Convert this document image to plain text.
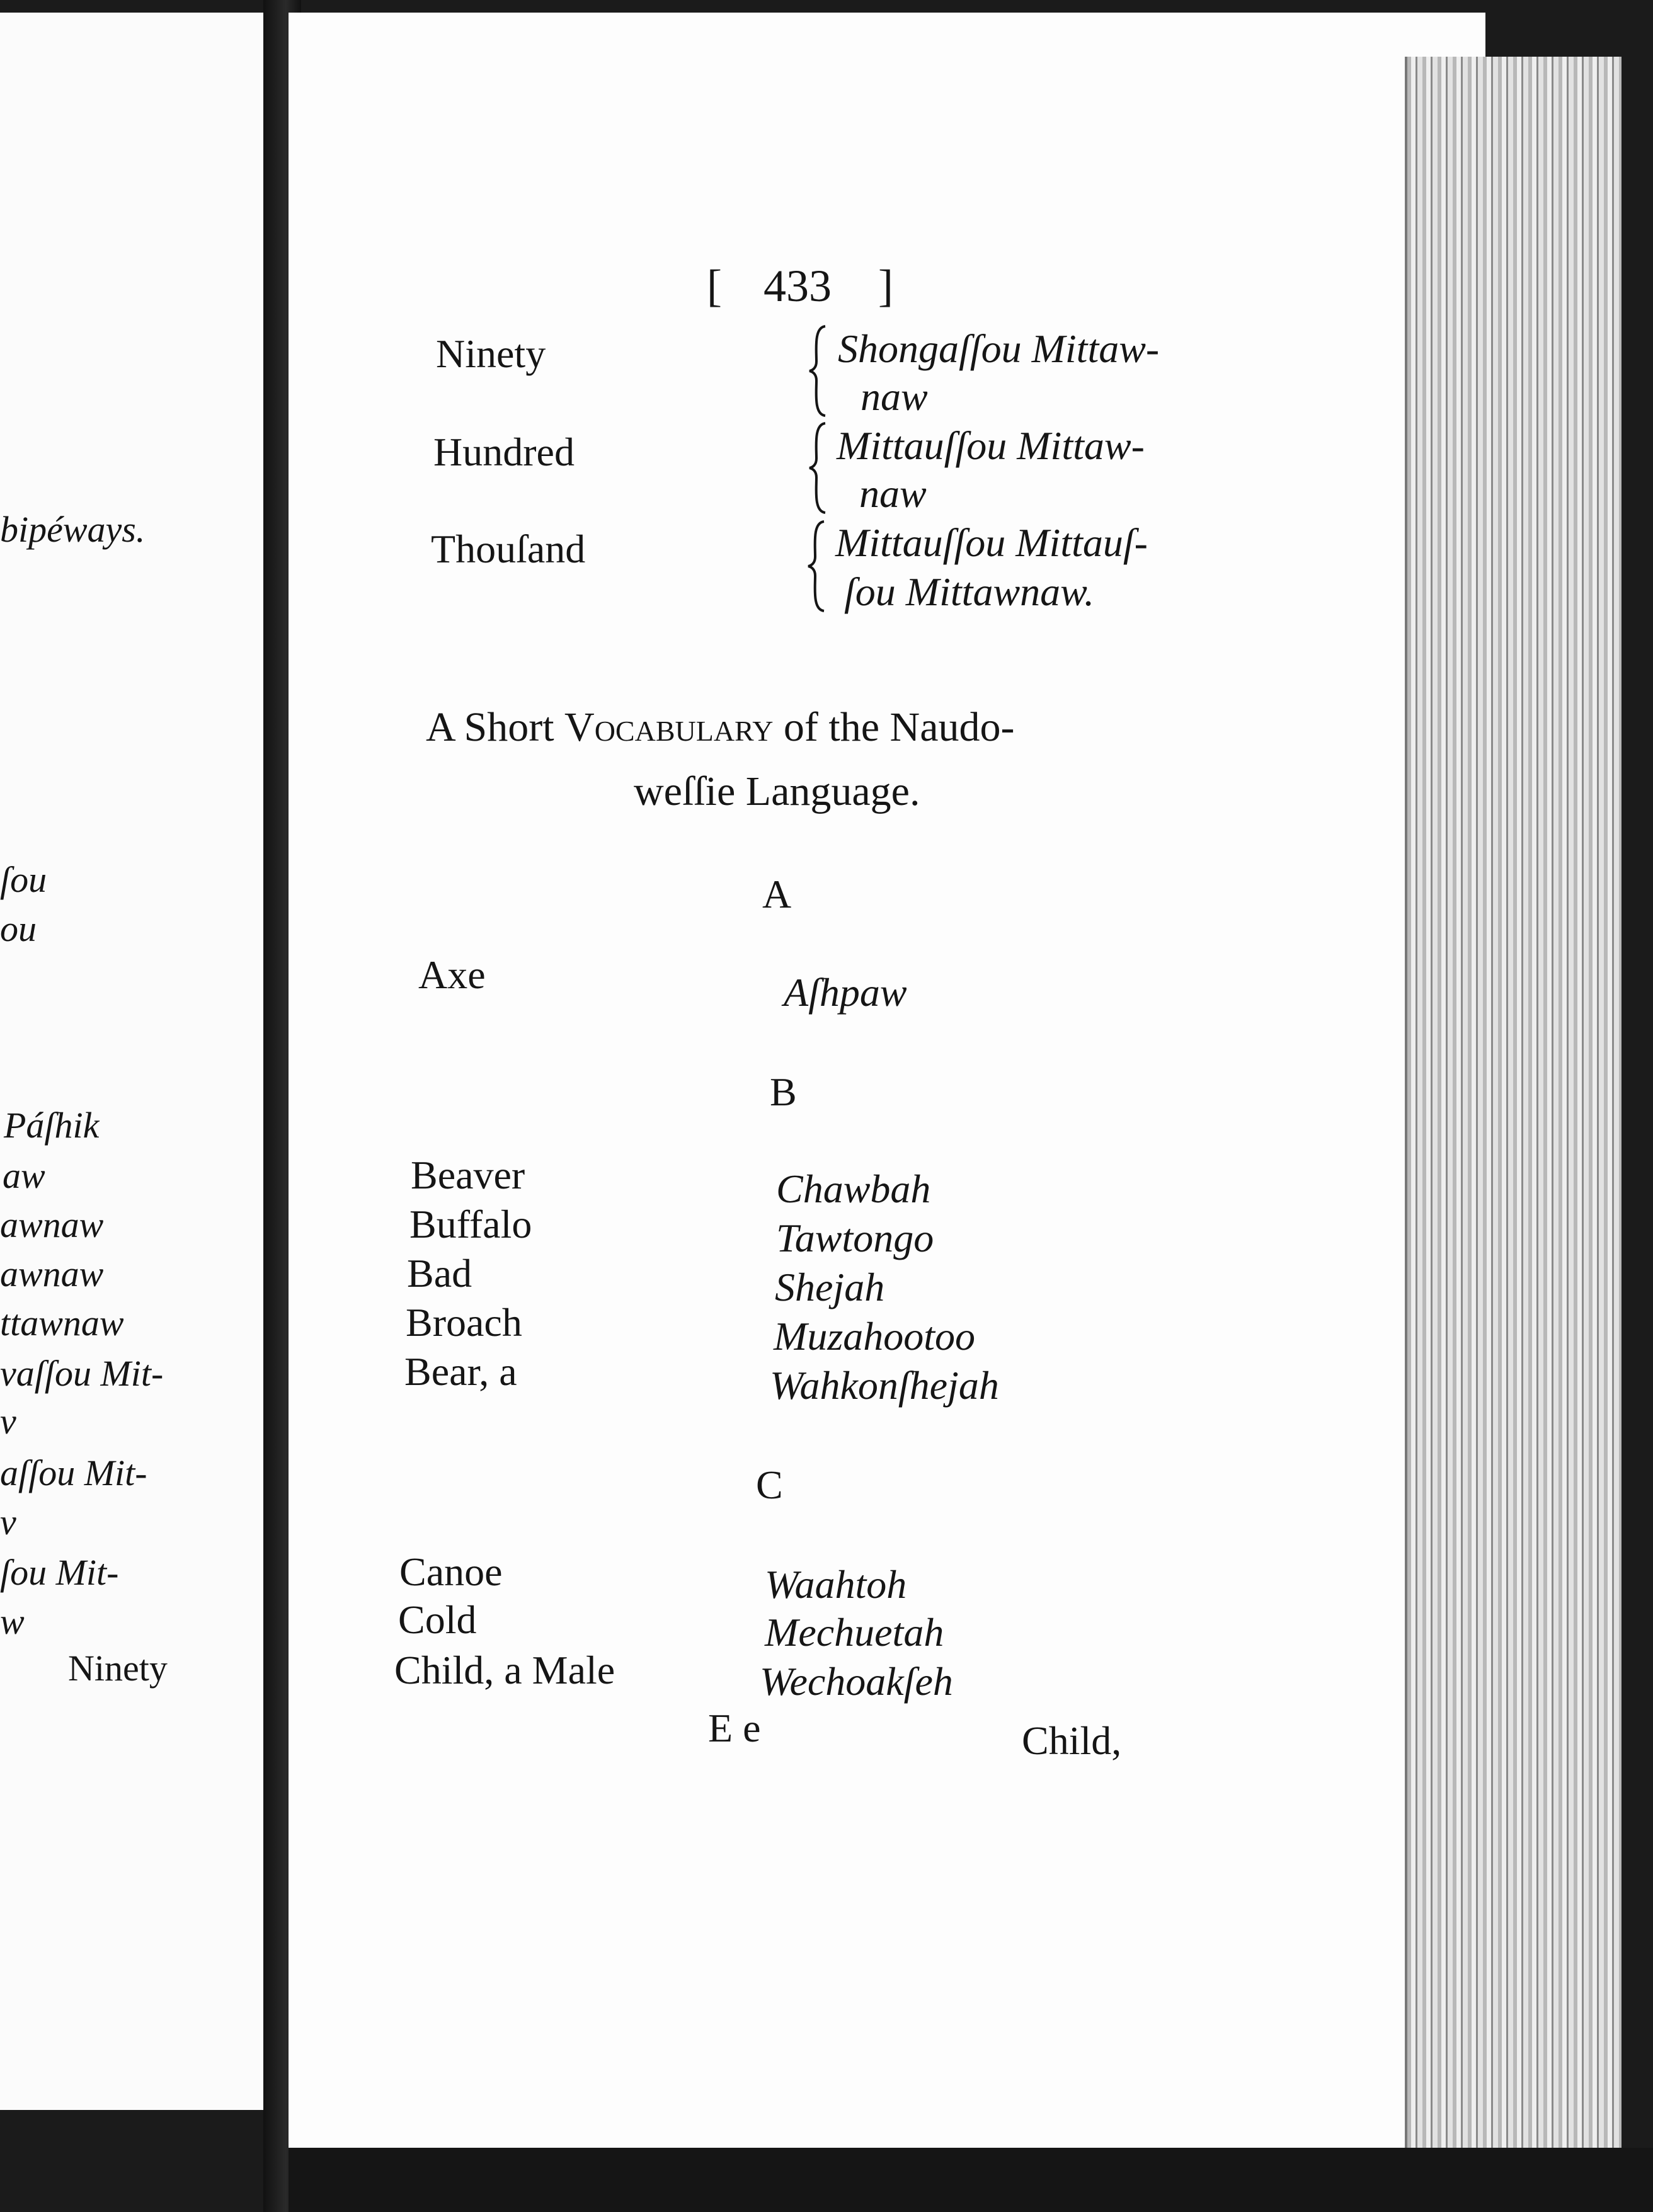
bipéways.
ſou
ou
Páſhik
aw
awnaw
awnaw
ttawnaw
vaſſou Mit-
v
aſſou Mit-
v
ſou Mit-
w
Ninety
[ 433 ]
Ninety	Shongaſſou Mittaw-
naw
Hundred	Mittauſſou Mittaw-
naw
Thouſand	Mittauſſou Mittauſ-
ſou Mittawnaw.
A Short Vocabulary of the Naudo-
weſſie Language.
A
Axe	Aſhpaw
B
Beaver	Chawbah
Buffalo	Tawtongo
Bad	Shejah
Broach	Muzahootoo
Bear, a	Wahkonſhejah
C
Canoe	Waahtoh
Cold	Mechuetah
Child, a Male	Wechoakſeh
E e	Child,
